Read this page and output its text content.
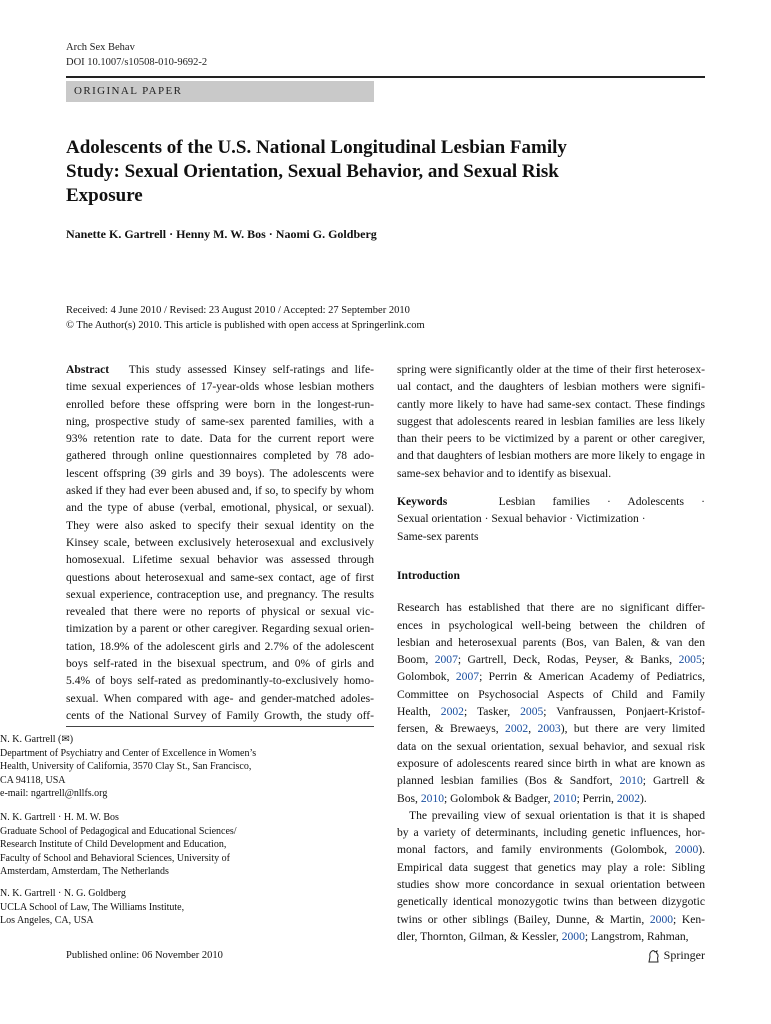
Arch Sex Behav
DOI 10.1007/s10508-010-9692-2
ORIGINAL PAPER
Adolescents of the U.S. National Longitudinal Lesbian Family
Study: Sexual Orientation, Sexual Behavior, and Sexual Risk
Exposure
Nanette K. Gartrell · Henny M. W. Bos · Naomi G. Goldberg
Received: 4 June 2010 / Revised: 23 August 2010 / Accepted: 27 September 2010
© The Author(s) 2010. This article is published with open access at Springerlink.com
Abstract This study assessed Kinsey self-ratings and life-
time sexual experiences of 17-year-olds whose lesbian mothers
enrolled before these offspring were born in the longest-run-
ning, prospective study of same-sex parented families, with a
93% retention rate to date. Data for the current report were
gathered through online questionnaires completed by 78 ado-
lescent offspring (39 girls and 39 boys). The adolescents were
asked if they had ever been abused and, if so, to specify by whom
and the type of abuse (verbal, emotional, physical, or sexual).
They were also asked to specify their sexual identity on the
Kinsey scale, between exclusively heterosexual and exclusively
homosexual. Lifetime sexual behavior was assessed through
questions about heterosexual and same-sex contact, age of first
sexual experience, contraception use, and pregnancy. The results
revealed that there were no reports of physical or sexual vic-
timization by a parent or other caregiver. Regarding sexual orien-
tation, 18.9% of the adolescent girls and 2.7% of the adolescent
boys self-rated in the bisexual spectrum, and 0% of girls and
5.4% of boys self-rated as predominantly-to-exclusively homo-
sexual. When compared with age- and gender-matched adoles-
cents of the National Survey of Family Growth, the study off-
N. K. Gartrell (✉)
Department of Psychiatry and Center of Excellence in Women’s
Health, University of California, 3570 Clay St., San Francisco,
CA 94118, USA
e-mail: ngartrell@nllfs.org
N. K. Gartrell · H. M. W. Bos
Graduate School of Pedagogical and Educational Sciences/
Research Institute of Child Development and Education,
Faculty of School and Behavioral Sciences, University of
Amsterdam, Amsterdam, The Netherlands
N. K. Gartrell · N. G. Goldberg
UCLA School of Law, The Williams Institute,
Los Angeles, CA, USA
spring were significantly older at the time of their first heterosex-
ual contact, and the daughters of lesbian mothers were signifi-
cantly more likely to have had same-sex contact. These findings
suggest that adolescents reared in lesbian families are less likely
than their peers to be victimized by a parent or other caregiver,
and that daughters of lesbian mothers are more likely to engage in
same-sex behavior and to identify as bisexual.
Keywords	Lesbian families · Adolescents ·
Sexual orientation · Sexual behavior · Victimization ·
Same-sex parents
Introduction
Research has established that there are no significant differ-
ences in psychological well-being between the children of
lesbian and heterosexual parents (Bos, van Balen, & van den
Boom, 2007; Gartrell, Deck, Rodas, Peyser, & Banks, 2005;
Golombok, 2007; Perrin & American Academy of Pediatrics,
Committee on Psychosocial Aspects of Child and Family
Health, 2002; Tasker, 2005; Vanfraussen, Ponjaert-Kristof-
fersen, & Brewaeys, 2002, 2003), but there are very limited
data on the sexual orientation, sexual behavior, and sexual risk
exposure of adolescents reared since birth in what are known as
planned lesbian families (Bos & Sandfort, 2010; Gartrell &
Bos, 2010; Golombok & Badger, 2010; Perrin, 2002).
The prevailing view of sexual orientation is that it is shaped
by a variety of determinants, including genetic influences, hor-
monal factors, and family environments (Golombok, 2000).
Empirical data suggest that genetics may play a role: Sibling
studies show more concordance in sexual orientation between
genetically identical monozygotic twins than between dizygotic
twins or other siblings (Bailey, Dunne, & Martin, 2000; Ken-
dler, Thornton, Gilman, & Kessler, 2000; Langstrom, Rahman,
Published online: 06 November 2010	Springer
